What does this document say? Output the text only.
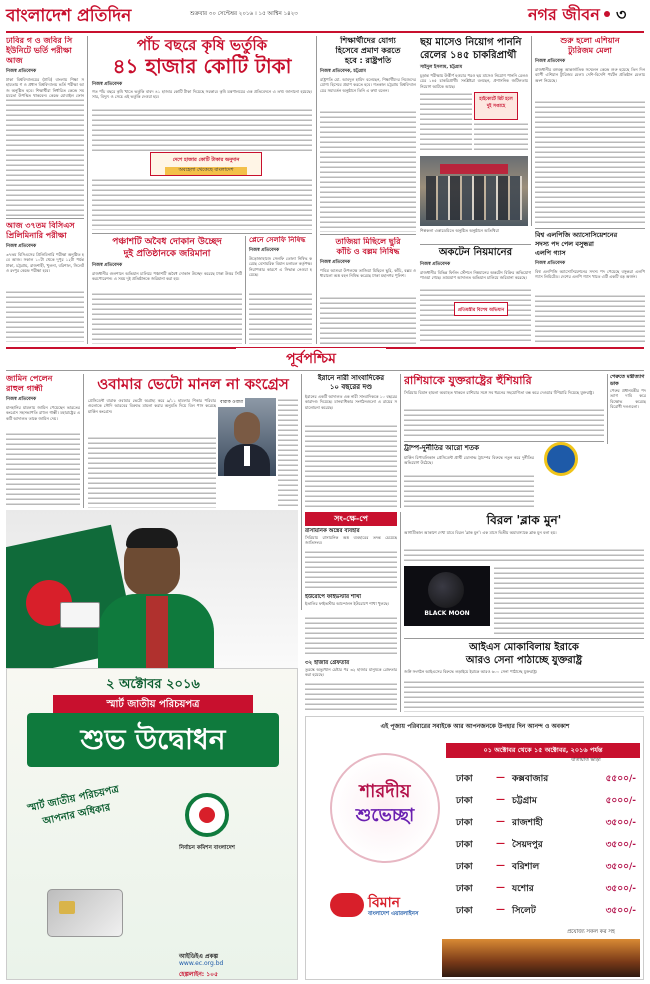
বাংলাদেশ প্রতিদিন	শুক্রবার ৩০ সেপ্টেম্বর ২০১৬ । ১৫ আশ্বিন ১৪২৩	নগর জীবন ৩
ঢাবির গ ও জবির সি ইউনিটে ভর্তি পরীক্ষা আজ
নিজস্ব প্রতিবেদক
ঢাকা বিশ্ববিদ্যালয়ের (ঢাবি) বাংলায় শিক্ষা সহায়তায় গ ও প্রধান বিশ্ববিদ্যালয় ভর্তি পরীক্ষা আজ অনুষ্ঠিত হবে। শিক্ষার্থীরা নির্ধারিত কেন্দ্রে সময়মতো উপস্থিত থাকবেন। কেন্দ্রে মোবাইল ফোন
আজ ৩৭তম বিসিএস প্রিলিমিনারি পরীক্ষা
নিজস্ব প্রতিবেদক
৩৭তম বিসিএসের প্রিলিমিনারি পরীক্ষা অনুষ্ঠিত হবে আজ। সকাল ১০টা থেকে দুপুর ১২টা পর্যন্ত ঢাকা, চট্টগ্রাম, রাজশাহী, খুলনা, বরিশাল, সিলেট ও রংপুর কেন্দ্রে পরীক্ষা হবে।
পাঁচ বছরে কৃষি ভর্তুকি
৪১ হাজার কোটি টাকা
নিজস্ব প্রতিবেদক
গত পাঁচ বছরে কৃষি খাতে ভর্তুকি বাবদ ৪১ হাজার কোটি টাকা দিয়েছে সরকার। কৃষি মন্ত্রণালয়ের এক প্রতিবেদনে এ তথ্য জানানো হয়েছে। সার, বিদ্যুৎ ও সেচে এই ভর্তুকি দেওয়া হয়।
দেশে হাজার কোটি টাকার অনুদান
অবহেলা থেকেছে বাংলাদেশ
পঞ্চাশটি অবৈধ দোকান উচ্ছেদ
দুই প্রতিষ্ঠানকে জরিমানা
নিজস্ব প্রতিবেদক
রাজধানীর গুলশানে অভিযান চালিয়ে পঞ্চাশটি অবৈধ দোকান উচ্ছেদ করেছে ঢাকা উত্তর সিটি করপোরেশন। এ সময় দুই প্রতিষ্ঠানকে জরিমানা করা হয়।
প্লেনে সেলফি নিষিদ্ধ
নিজস্ব প্রতিবেদক
উড়োজাহাজে সেলফি তোলা নিষিদ্ধ করেছে বেসামরিক বিমান চলাচল কর্তৃপক্ষ। নিরাপত্তার কারণে এ সিদ্ধান্ত নেওয়া হয়েছে।
শিক্ষার্থীদের যোগ্য
হিসেবে প্রমাণ করতে
হবে : রাষ্ট্রপতি
নিজস্ব প্রতিবেদক, চট্টগ্রাম
রাষ্ট্রপতি মো. আবদুল হামিদ বলেছেন, শিক্ষার্থীদের নিজেদের যোগ্য হিসেবে প্রমাণ করতে হবে। গতকাল চট্টগ্রাম বিশ্ববিদ্যালয়ের সমাবর্তন অনুষ্ঠানে তিনি এ কথা বলেন।
তাজিয়া মিছিলে ছুরি
কাঁচি ও বল্লম নিষিদ্ধ
নিজস্ব প্রতিবেদক
পবিত্র আশুরা উপলক্ষে তাজিয়া মিছিলে ছুরি, কাঁচি, বল্লম ও ধারালো অস্ত্র বহন নিষিদ্ধ করেছে ঢাকা মহানগর পুলিশ।
ছয় মাসেও নিয়োগ পাননি
রেলের ১৪৫ চাকরিপ্রার্থী
সাইদুল ইসলাম, চট্টগ্রাম
চূড়ান্ত পরীক্ষায় উত্তীর্ণ হওয়ার পরও ছয় মাসেও নিয়োগ পাননি রেলওয়ের ১৪৫ চাকরিপ্রার্থী। সংশ্লিষ্টরা বলছেন, প্রশাসনিক জটিলতায় নিয়োগ আটকে আছে।
হাইকোর্টে রিট হলে দুই সপ্তাহে
শুরু হলো এশিয়ান
ট্যুরিজম মেলা
নিজস্ব প্রতিবেদক
রাজধানীর বঙ্গবন্ধু আন্তর্জাতিক সম্মেলন কেন্দ্রে শুরু হয়েছে তিন দিনব্যাপী এশিয়ান ট্যুরিজম মেলা। দেশি-বিদেশি পর্যটন প্রতিষ্ঠান মেলায় অংশ নিয়েছে।
শিল্পকলা একাডেমিতে অনুষ্ঠিত অনুষ্ঠানে অতিথিরা
বিশ্ব এলপিজি অ্যাসোসিয়েশনের
সদস্য পদ পেল বসুন্ধরা
এলপি গ্যাস
নিজস্ব প্রতিবেদক
বিশ্ব এলপিজি অ্যাসোসিয়েশনের সদস্য পদ পেয়েছে বসুন্ধরা এলপি গ্যাস লিমিটেড। দেশের এলপি গ্যাস খাতে এটি একটি বড় অর্জন।
অকটেন নিয়মানের
নিজস্ব প্রতিবেদক
রাজধানীর বিভিন্ন ফিলিং স্টেশনে নিম্নমানের অকটেন বিক্রির অভিযোগ পাওয়া গেছে। ভ্রাম্যমাণ আদালত অভিযান চালিয়ে জরিমানা করেছে।
প্রতিমন্ত্রীর বিশেষ অভিযান
পূর্বপশ্চিম
জামিন পেলেন
রাহুল গান্ধী
নিজস্ব প্রতিবেদক
মানহানির মামলায় জামিন পেয়েছেন ভারতের কংগ্রেস সহসভাপতি রাহুল গান্ধী। মহারাষ্ট্রের একটি আদালত তাকে জামিন দেয়।
ওবামার ভেটো মানল না কংগ্রেস
প্রেসিডেন্ট বারাক ওবামার ভেটো অগ্রাহ্য করে ৯/১১ হামলার শিকার পরিবারগুলোকে সৌদি আরবের বিরুদ্ধে মামলা করার অনুমতি দিয়ে বিল পাস করেছে মার্কিন কংগ্রেস।
বারাক ওবামা
ইরানে নারী সাংবাদিকের
১০ বছরের দণ্ড
ইরানের একটি আদালত এক নারী সাংবাদিককে ১০ বছরের কারাদণ্ড দিয়েছে। মানবাধিকার সংগঠনগুলো এ রায়ের সমালোচনা করেছে।
রাশিয়াকে যুক্তরাষ্ট্রের হুঁশিয়ারি
সিরিয়ায় বিমান হামলা অব্যাহত থাকলে রাশিয়ার সঙ্গে সব ধরনের সহযোগিতা বন্ধ করে দেওয়ার হুঁশিয়ারি দিয়েছে যুক্তরাষ্ট্র।
ট্রাম্প-দুর্নীতির আরো শতক
মার্কিন রিপাবলিকান প্রেসিডেন্ট প্রার্থী ডোনাল্ড ট্রাম্পের বিরুদ্ধে নতুন করে দুর্নীতির অভিযোগ উঠেছে।
পেরুতে মন্ত্রীত্যাগ ডাক
পেরুর প্রধানমন্ত্রীর পদত্যাগ দাবি করে বিক্ষোভ করেছে বিরোধী দলগুলো।
২ অক্টোবর ২০১৬
স্মার্ট জাতীয় পরিচয়পত্র
শুভ উদ্বোধন
স্মার্ট জাতীয় পরিচয়পত্র আপনার অধিকার
নির্বাচন কমিশন বাংলাদেশ
আইডিইএ প্রকল্প
www.ec.org.bd
হেল্পলাইন: ১০৫
সং-ক্ষে-পে
রাসায়নিক অস্ত্রের ব্যবহার
সিরিয়ায় রাসায়নিক অস্ত্র ব্যবহারের তদন্ত চেয়েছে জাতিসংঘ।
ইউরোপে ফাইভস্টার শাখা
ইতালির ফাইভস্টার আন্দোলন ইউরোপে শাখা খুলছে।
৩২ হাজার গ্রেফতার
তুরস্কে অভ্যুত্থান চেষ্টার পর ৩২ হাজার মানুষকে গ্রেফতার করা হয়েছে।
বিরল 'ব্লাক মুন'
আগামীকাল আকাশে দেখা যাবে বিরল 'ব্লাক মুন'। এক মাসে দ্বিতীয় অমাবস্যাকে ব্লাক মুন বলা হয়।
BLACK MOON
আইএস মোকাবিলায় ইরাকে
আরও সেনা পাঠাচ্ছে যুক্তরাষ্ট্র
জঙ্গি সংগঠন আইএসের বিরুদ্ধে লড়াইয়ে ইরাকে আরও ৬০০ সেনা পাঠাচ্ছে যুক্তরাষ্ট্র।
এই পূজায় পরিবারের সবাইকে আর আপনজনকে উপহার দিন আনন্দ ও অবকাশ
শারদীয়
শুভেচ্ছা
০১ অক্টোবর থেকে ১৫ অক্টোবর, ২০১৬ পর্যন্ত
যাতায়াত ভাড়া
ঢাকা	— কক্সবাজার	৫৫০০/-
ঢাকা	— চট্টগ্রাম	৫০০০/-
ঢাকা	— রাজশাহী	৩৫০০/-
ঢাকা	— সৈয়দপুর	৩৫০০/-
ঢাকা	— বরিশাল	৩৫০০/-
ঢাকা	— যশোর	৩৫০০/-
ঢাকা	— সিলেট	৩৫০০/-
প্রযোজ্য সকল কর সহ
বিমান
বাংলাদেশ এয়ারলাইনস
